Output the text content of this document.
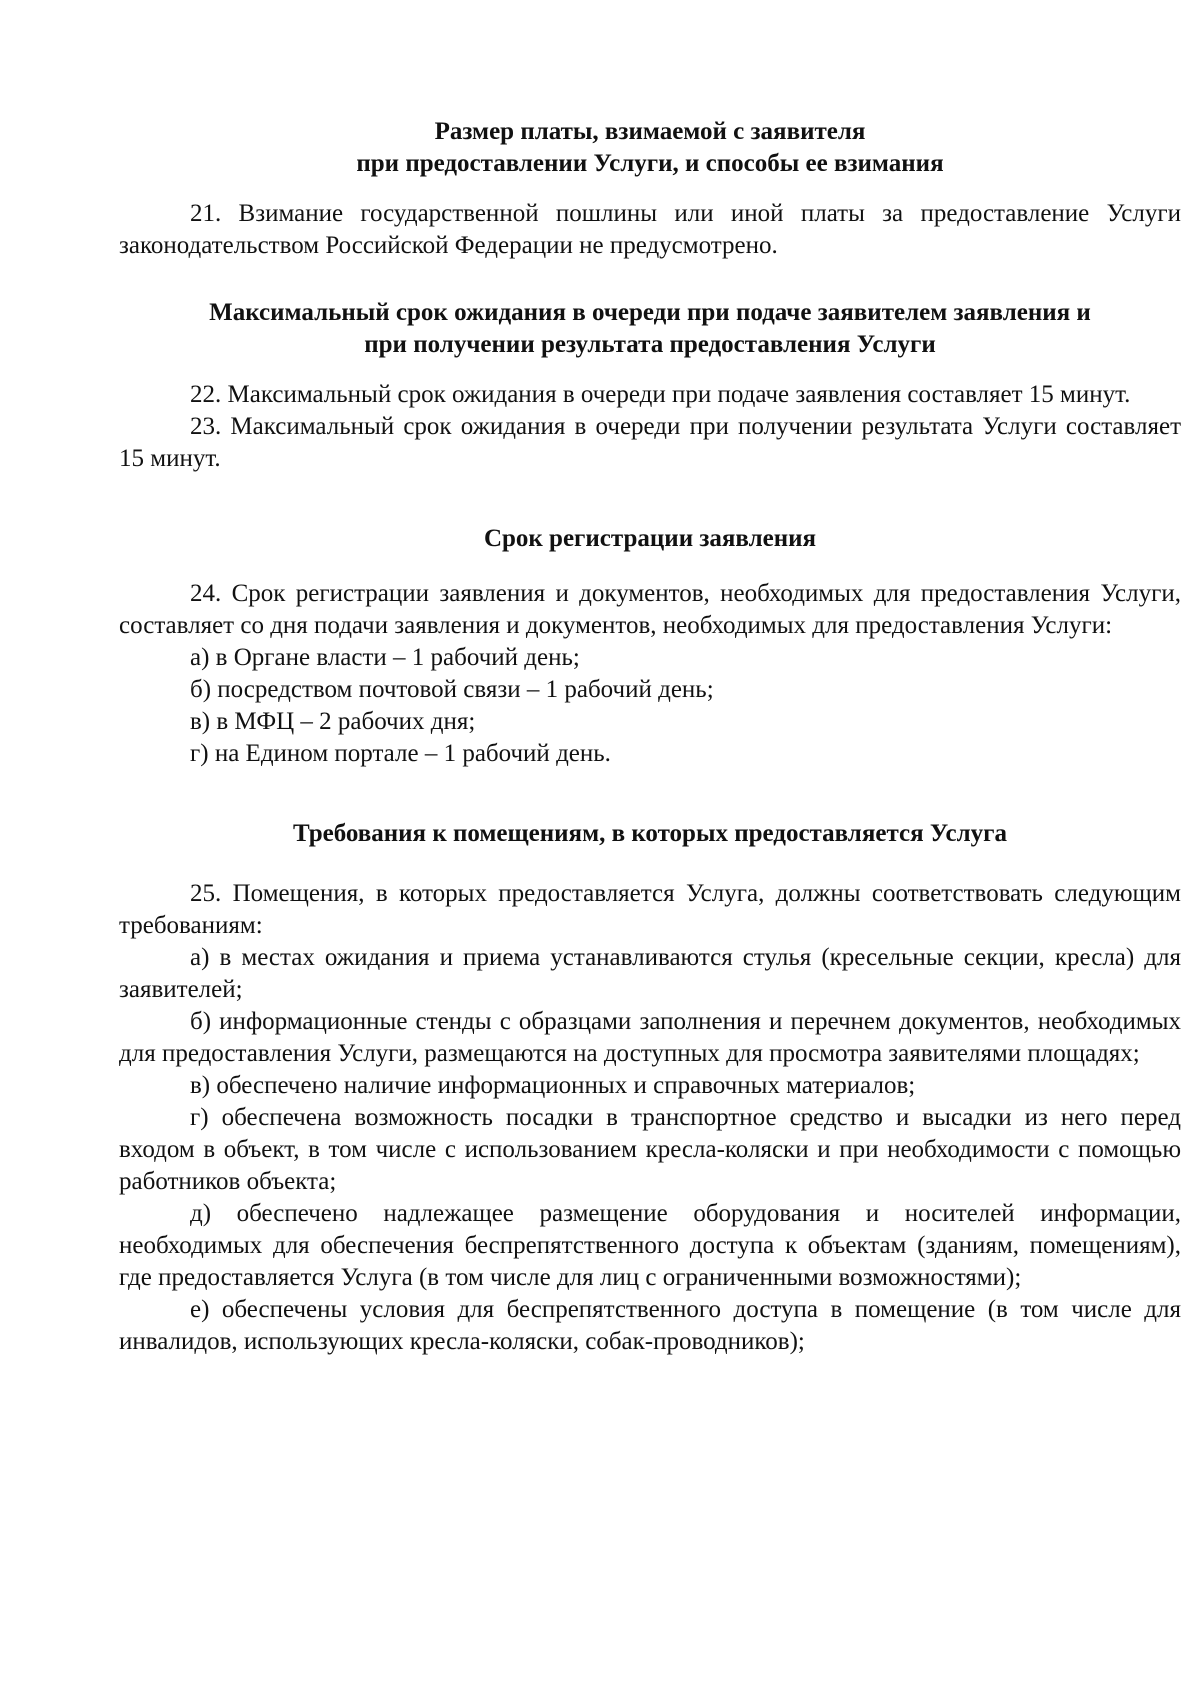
Размер платы, взимаемой с заявителя

при предоставлении Услуги, и способы ее взимания

21. Взимание государственной пошлины или иной платы за предоставление Услуги законодательством Российской Федерации не предусмотрено.

Максимальный срок ожидания в очереди при подаче заявителем заявления и

при получении результата предоставления Услуги

22. Максимальный срок ожидания в очереди при подаче заявления составляет 15 минут.

23. Максимальный срок ожидания в очереди при получении результата Услуги составляет 15 минут.

Срок регистрации заявления

24. Срок регистрации заявления и документов, необходимых для предоставления Услуги, составляет со дня подачи заявления и документов, необходимых для предоставления Услуги:

а) в Органе власти – 1 рабочий день;

б) посредством почтовой связи – 1 рабочий день;

в) в МФЦ – 2 рабочих дня;

г) на Едином портале – 1 рабочий день.

Требования к помещениям, в которых предоставляется Услуга

25. Помещения, в которых предоставляется Услуга, должны соответствовать следующим требованиям:

а) в местах ожидания и приема устанавливаются стулья (кресельные секции, кресла) для заявителей;

б) информационные стенды с образцами заполнения и перечнем документов, необходимых для предоставления Услуги, размещаются на доступных для просмотра заявителями площадях;

в) обеспечено наличие информационных и справочных материалов;

г) обеспечена возможность посадки в транспортное средство и высадки из него перед входом в объект, в том числе с использованием кресла-коляски и при необходимости с помощью работников объекта;

д) обеспечено надлежащее размещение оборудования и носителей информации, необходимых для обеспечения беспрепятственного доступа к объектам (зданиям, помещениям), где предоставляется Услуга (в том числе для лиц с ограниченными возможностями);

е) обеспечены условия для беспрепятственного доступа в помещение (в том числе для инвалидов, использующих кресла-коляски, собак-проводников);
